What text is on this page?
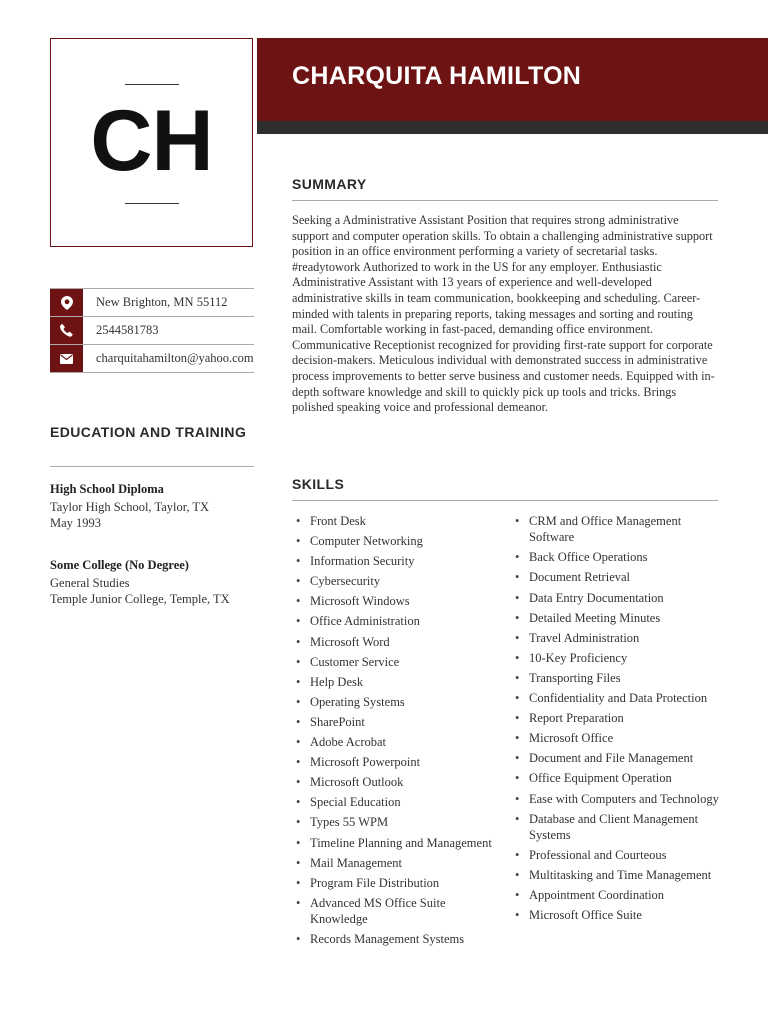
CH
CHARQUITA HAMILTON
New Brighton, MN 55112
2544581783
charquitahamilton@yahoo.com
EDUCATION AND TRAINING
High School Diploma
Taylor High School, Taylor, TX
May 1993
Some College (No Degree)
General Studies
Temple Junior College, Temple, TX
SUMMARY
Seeking a Administrative Assistant Position that requires strong administrative support and computer operation skills. To obtain a challenging administrative support position in an office environment performing a variety of secretarial tasks. #readytowork Authorized to work in the US for any employer. Enthusiastic Administrative Assistant with 13 years of experience and well-developed administrative skills in team communication, bookkeeping and scheduling. Career-minded with talents in preparing reports, taking messages and sorting and routing mail. Comfortable working in fast-paced, demanding office environment. Communicative Receptionist recognized for providing first-rate support for corporate decision-makers. Meticulous individual with demonstrated success in administrative process improvements to better serve business and customer needs. Equipped with in-depth software knowledge and skill to quickly pick up tools and tricks. Brings polished speaking voice and professional demeanor.
SKILLS
• Front Desk
• Computer Networking
• Information Security
• Cybersecurity
• Microsoft Windows
• Office Administration
• Microsoft Word
• Customer Service
• Help Desk
• Operating Systems
• SharePoint
• Adobe Acrobat
• Microsoft Powerpoint
• Microsoft Outlook
• Special Education
• Types 55 WPM
• Timeline Planning and Management
• Mail Management
• Program File Distribution
• Advanced MS Office Suite Knowledge
• Records Management Systems
• CRM and Office Management Software
• Back Office Operations
• Document Retrieval
• Data Entry Documentation
• Detailed Meeting Minutes
• Travel Administration
• 10-Key Proficiency
• Transporting Files
• Confidentiality and Data Protection
• Report Preparation
• Microsoft Office
• Document and File Management
• Office Equipment Operation
• Ease with Computers and Technology
• Database and Client Management Systems
• Professional and Courteous
• Multitasking and Time Management
• Appointment Coordination
• Microsoft Office Suite
